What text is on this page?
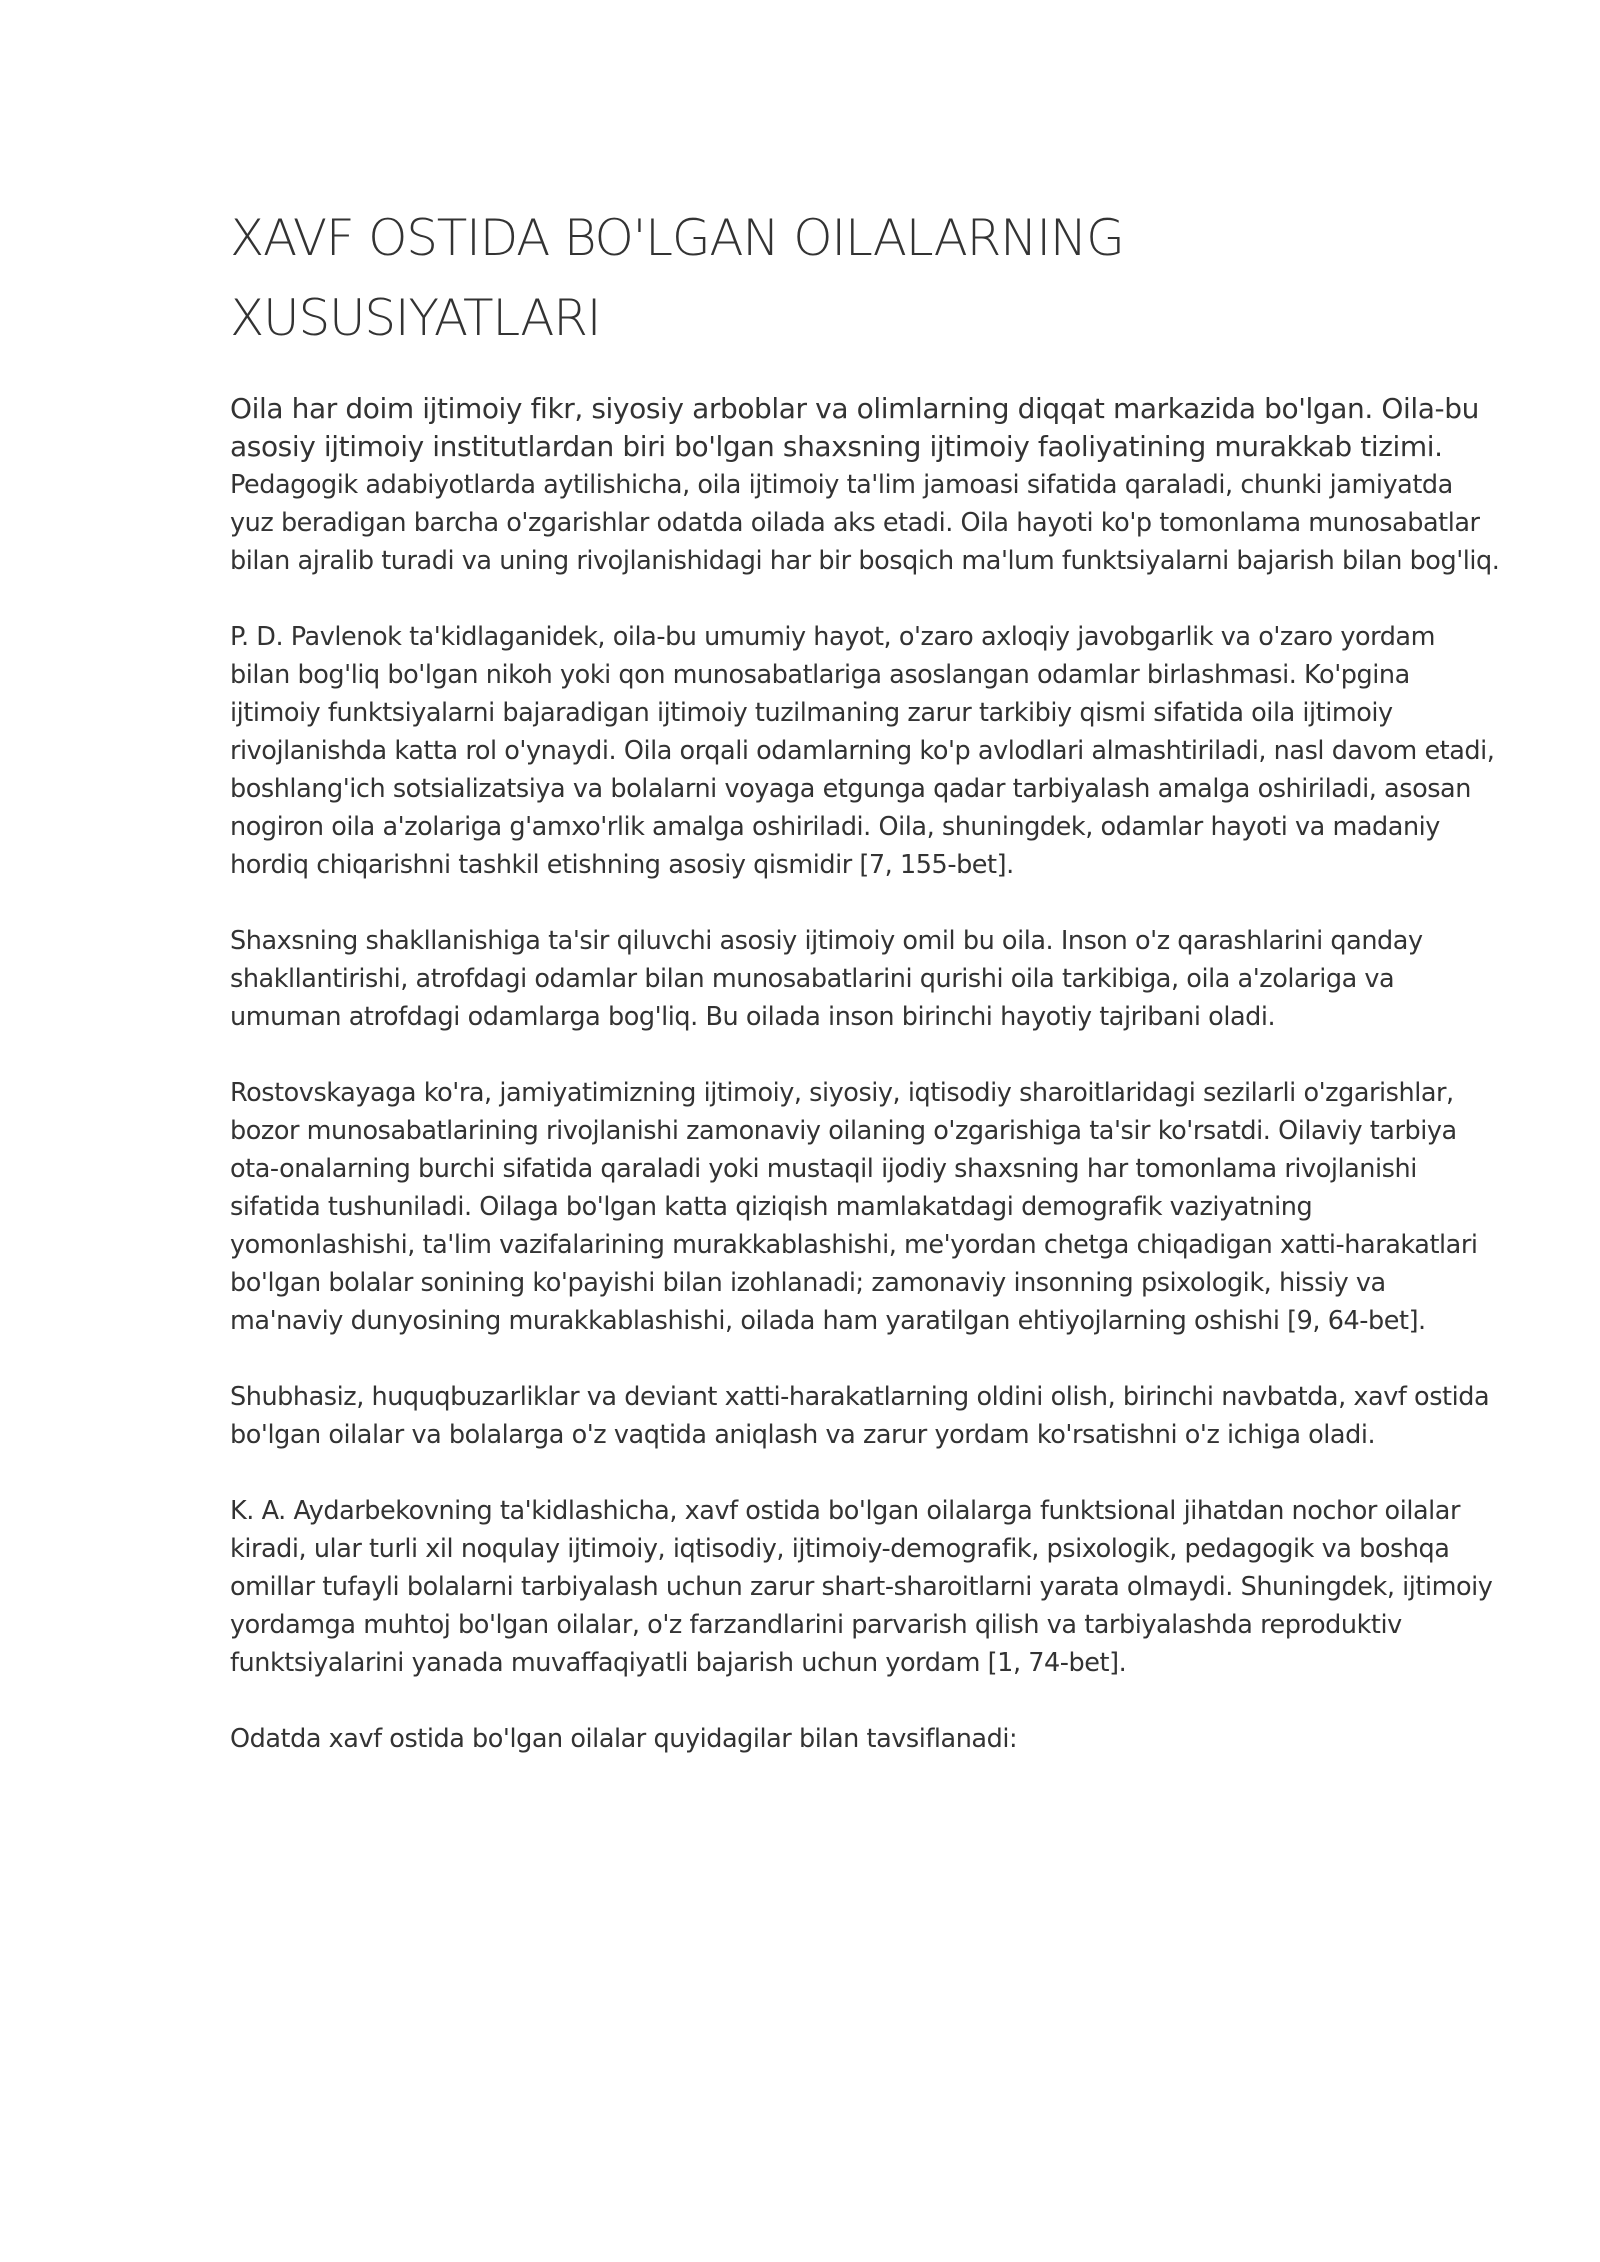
XAVF OSTIDA BO'LGAN OILALARNING
XUSUSIYATLARI

Oila har doim ijtimoiy fikr, siyosiy arboblar va olimlarning diqqat markazida bo'lgan. Oila-bu asosiy ijtimoiy institutlardan biri bo'lgan shaxsning ijtimoiy faoliyatining murakkab tizimi.

Pedagogik adabiyotlarda aytilishicha, oila ijtimoiy ta'lim jamoasi sifatida qaraladi, chunki jamiyatda yuz beradigan barcha o'zgarishlar odatda oilada aks etadi. Oila hayoti ko'p tomonlama munosabatlar bilan ajralib turadi va uning rivojlanishidagi har bir bosqich ma'lum funktsiyalarni bajarish bilan bog'liq.

P. D. Pavlenok ta'kidlaganidek, oila-bu umumiy hayot, o'zaro axloqiy javobgarlik va o'zaro yordam bilan bog'liq bo'lgan nikoh yoki qon munosabatlariga asoslangan odamlar birlashmasi. Ko'pgina ijtimoiy funktsiyalarni bajaradigan ijtimoiy tuzilmaning zarur tarkibiy qismi sifatida oila ijtimoiy rivojlanishda katta rol o'ynaydi. Oila orqali odamlarning ko'p avlodlari almashtiriladi, nasl davom etadi, boshlang'ich sotsializatsiya va bolalarni voyaga etgunga qadar tarbiyalash amalga oshiriladi, asosan nogiron oila a'zolariga g'amxo'rlik amalga oshiriladi. Oila, shuningdek, odamlar hayoti va madaniy hordiq chiqarishni tashkil etishning asosiy qismidir [7, 155-bet].

Shaxsning shakllanishiga ta'sir qiluvchi asosiy ijtimoiy omil bu oila. Inson o'z qarashlarini qanday shakllantirishi, atrofdagi odamlar bilan munosabatlarini qurishi oila tarkibiga, oila a'zolariga va umuman atrofdagi odamlarga bog'liq. Bu oilada inson birinchi hayotiy tajribani oladi.

Rostovskayaga ko'ra, jamiyatimizning ijtimoiy, siyosiy, iqtisodiy sharoitlaridagi sezilarli o'zgarishlar, bozor munosabatlarining rivojlanishi zamonaviy oilaning o'zgarishiga ta'sir ko'rsatdi. Oilaviy tarbiya ota-onalarning burchi sifatida qaraladi yoki mustaqil ijodiy shaxsning har tomonlama rivojlanishi sifatida tushuniladi. Oilaga bo'lgan katta qiziqish mamlakatdagi demografik vaziyatning yomonlashishi, ta'lim vazifalarining murakkablashishi, me'yordan chetga chiqadigan xatti-harakatlari bo'lgan bolalar sonining ko'payishi bilan izohlanadi; zamonaviy insonning psixologik, hissiy va ma'naviy dunyosining murakkablashishi, oilada ham yaratilgan ehtiyojlarning oshishi [9, 64-bet].

Shubhasiz, huquqbuzarliklar va deviant xatti-harakatlarning oldini olish, birinchi navbatda, xavf ostida bo'lgan oilalar va bolalarga o'z vaqtida aniqlash va zarur yordam ko'rsatishni o'z ichiga oladi.

K. A. Aydarbekovning ta'kidlashicha, xavf ostida bo'lgan oilalarga funktsional jihatdan nochor oilalar kiradi, ular turli xil noqulay ijtimoiy, iqtisodiy, ijtimoiy-demografik, psixologik, pedagogik va boshqa omillar tufayli bolalarni tarbiyalash uchun zarur shart-sharoitlarni yarata olmaydi. Shuningdek, ijtimoiy yordamga muhtoj bo'lgan oilalar, o'z farzandlarini parvarish qilish va tarbiyalashda reproduktiv funktsiyalarini yanada muvaffaqiyatli bajarish uchun yordam [1, 74-bet].

Odatda xavf ostida bo'lgan oilalar quyidagilar bilan tavsiflanadi:
